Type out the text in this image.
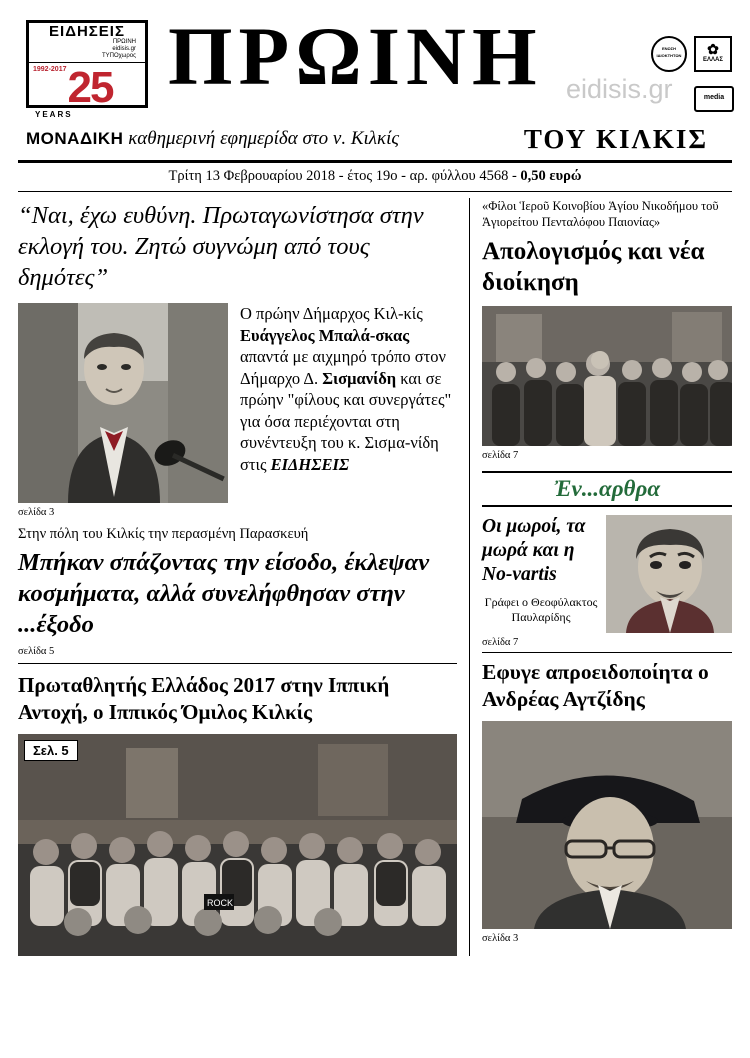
ΕΙΔΗΣΕΙΣ
ΠΡΩΙΝΗ
eidisis.gr
ΤΥΠΟχωρος
1992-2017 25
YEARS
ΠΡΩΙΝΗ eidisis.gr
ΕΝΩΣΗ
ΙΔΙΟΚΤΗΤΩΝ	✿
ΕΛΛΑΣ
media
ΜΟΝΑΔΙΚΗ καθημερινή εφημερίδα στο ν. Κιλκίς	ΤΟΥ ΚΙΛΚΙΣ
Τρίτη 13 Φεβρουαρίου 2018 - έτος 19ο - αρ. φύλλου 4568 - 0,50 ευρώ
“Ναι, έχω ευθύνη. Πρωταγωνίστησα στην εκλογή του. Ζητώ συγνώμη από τους δημότες”
Ο πρώην Δήμαρχος Κιλ-κίς Ευάγγελος Μπαλά-σκας απαντά με αιχμηρό τρόπο στον Δήμαρχο Δ. Σισμανίδη και σε πρώην "φίλους και συνεργάτες" για όσα περιέχονται στη συνέντευξη του κ. Σισμα-νίδη στις ΕΙΔΗΣΕΙΣ
σελίδα 3
Στην πόλη του Κιλκίς την περασμένη Παρασκευή
Μπήκαν σπάζοντας την είσοδο, έκλεψαν κοσμήματα, αλλά συνελήφθησαν στην ...έξοδο
σελίδα 5
Πρωταθλητής Ελλάδος 2017 στην Ιππική Αντοχή, ο Ιππικός Όμιλος Κιλκίς
Σελ. 5
ROCK
«Φίλοι Ἱεροῦ Κοινοβίου Ἁγίου Νικοδήμου τοῦ Ἁγιορείτου Πενταλόφου Παιονίας»
Απολογισμός και νέα διοίκηση
σελίδα 7
Ἐν...αρθρα
Οι μωροί, τα μωρά και η No-vartis
Γράφει ο Θεοφύλακτος Παυλαρίδης
σελίδα 7
Εφυγε απροειδοποίητα ο Ανδρέας Αγτζίδης
σελίδα 3
